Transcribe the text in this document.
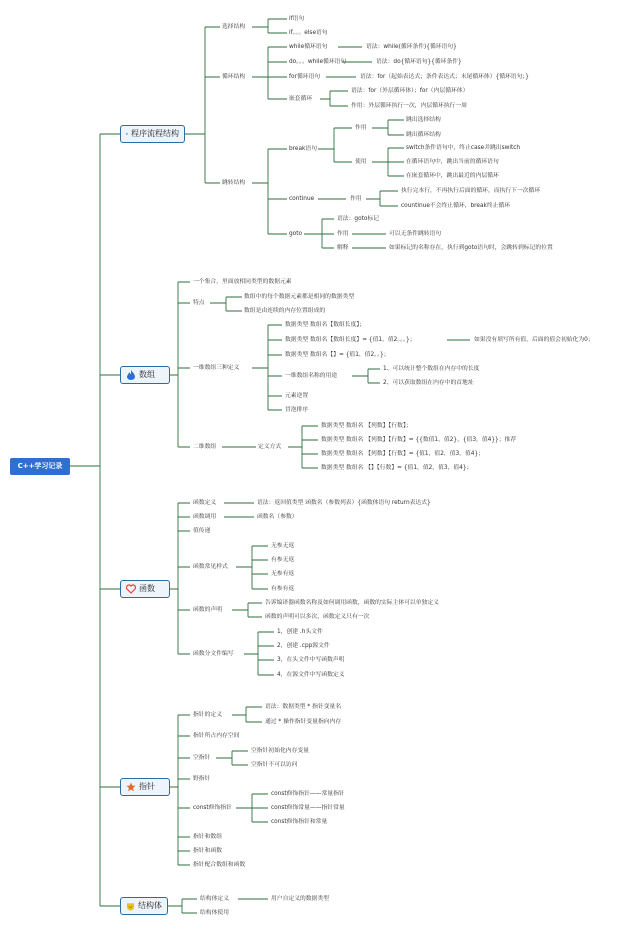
C++学习记录
程序流程结构
数组
函数
指针
结构体
选择结构
if语句
if。。。else语句
循环结构
while循环语句	语法：while(循环条件){循环语句}
do。。。while循环语句	语法：do{循环语句}{循环条件}
for循环语句	语法：for（起始表达式；条件表达式；末尾循环体）{循环语句；}
嵌套循环
语法：for（外层循环体）；for（内层循环体）
作用：外层循环执行一次，内层循环执行一周
跳转结构
break语句
作用
跳出选择结构
跳出循环结构
使用
switch条件语句中，终止case并跳出switch
在循环语句中，跳出当前的循环语句
在嵌套循环中，跳出最近的内层循环
continue	作用
执行完本行，不再执行后面的循环，而执行下一次循环
countinue不会终止循环，break终止循环
goto
语法：goto标记
作用	可以无条件跳转语句
解释	如果标记的名称存在，执行到goto语句时，会跳转到标记的位置
一个集合，里面放相同类型的数据元素
特点
数组中的每个数据元素都是相同的数据类型
数组是由连续的内存位置组成的
一维数组三种定义
数据类型 数组名【数组长度】；
数据类型 数组名【数组长度】= {值1，值2。。。}；	如果没有填写所有值，后面的值会初始化为0；
数据类型 数组名【】= {值1，值2。。}；
一维数组名称的用途
1、可以统计整个数组在内存中的长度
2、可以获取数组在内存中的首地址
元素逆置
冒泡排序
二维数组	定义方式
数据类型 数组名 【列数】【行数】；
数据类型 数组名 【列数】【行数】= {{数值1，值2}，{值3，值4}}；推荐
数据类型 数组名 【列数】【行数】= {值1，值2，值3，值4}；
数据类型 数组名 【】【行数】= {值1，值2，值3，值4}；
函数定义	语法：返回值类型 函数名（参数列表）{函数体语句 return表达式}
函数调用	函数名（参数）
值传递
函数常见样式
无参无返
有参无返
无参有返
有参有返
函数的声明
告诉编译器函数名称及如何调用函数，函数的实际主体可以单独定义
函数的声明可以多次，函数定义只有一次
函数分文件编写
1，创建 .h头文件
2，创建 .cpp源文件
3，在头文件中写函数声明
4，在源文件中写函数定义
指针的定义
语法：数据类型 * 指针变量名
通过 * 操作指针变量指向内存
指针所占内存空间
空指针
空指针初始化内存变量
空指针不可以访问
野指针
const修饰指针
const修饰指针——常量指针
const修饰常量——指针常量
const修饰指针和常量
指针和数组
指针和函数
指针配合数组和函数
结构体定义	用户自定义的数据类型
结构体使用
